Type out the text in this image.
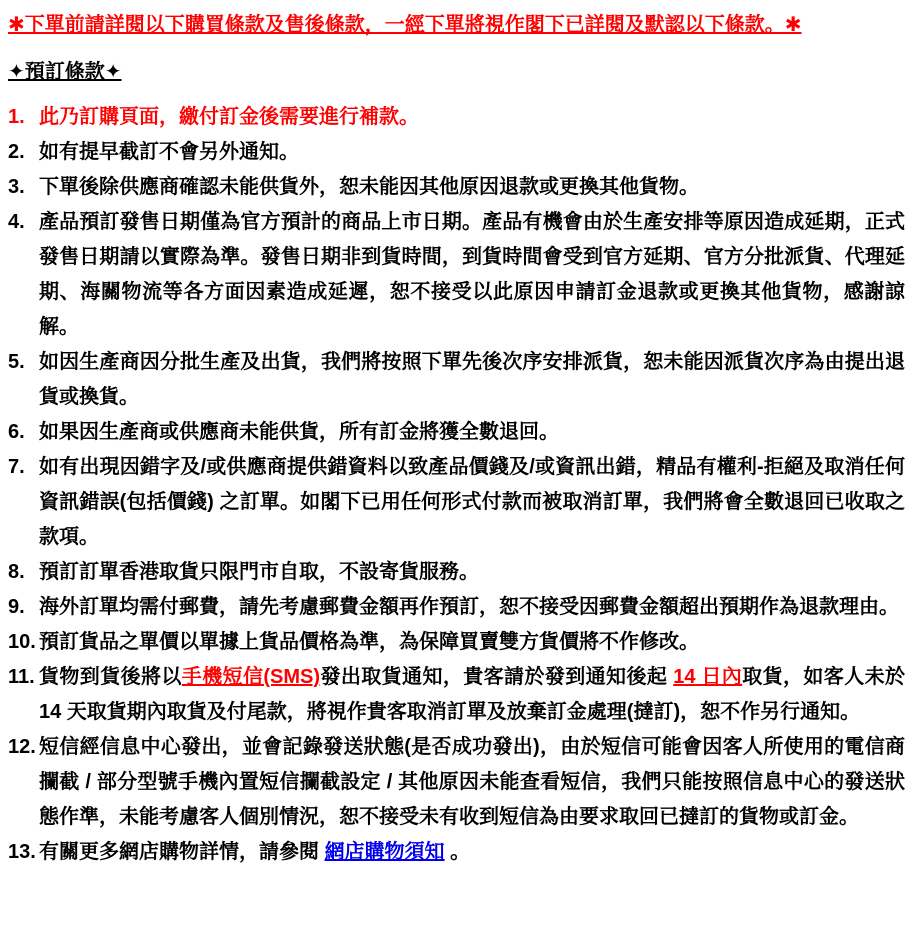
✱下單前請詳閱以下購買條款及售後條款，一經下單將視作閣下已詳閱及默認以下條款。✱
✦預訂條款✦
1. 此乃訂購頁面，繳付訂金後需要進行補款。
2. 如有提早截訂不會另外通知。
3. 下單後除供應商確認未能供貨外，恕未能因其他原因退款或更換其他貨物。
4. 產品預訂發售日期僅為官方預計的商品上市日期。產品有機會由於生產安排等原因造成延期，正式發售日期請以實際為準。發售日期非到貨時間，到貨時間會受到官方延期、官方分批派貨、代理延期、海關物流等各方面因素造成延遲，恕不接受以此原因申請訂金退款或更換其他貨物，感謝諒解。
5. 如因生產商因分批生產及出貨，我們將按照下單先後次序安排派貨，恕未能因派貨次序為由提出退貨或換貨。
6. 如果因生產商或供應商未能供貨，所有訂金將獲全數退回。
7. 如有出現因錯字及/或供應商提供錯資料以致產品價錢及/或資訊出錯，精品有權利-拒絕及取消任何資訊錯誤(包括價錢) 之訂單。如閣下已用任何形式付款而被取消訂單，我們將會全數退回已收取之款項。
8. 預訂訂單香港取貨只限門市自取，不設寄貨服務。
9. 海外訂單均需付郵費，請先考慮郵費金額再作預訂，恕不接受因郵費金額超出預期作為退款理由。
10. 預訂貨品之單價以單據上貨品價格為準，為保障買賣雙方貨價將不作修改。
11. 貨物到貨後將以手機短信(SMS)發出取貨通知，貴客請於發到通知後起 14 日內取貨，如客人未於 14 天取貨期內取貨及付尾款，將視作貴客取消訂單及放棄訂金處理(撻訂)，恕不作另行通知。
12. 短信經信息中心發出，並會記錄發送狀態(是否成功發出)，由於短信可能會因客人所使用的電信商攔截 / 部分型號手機內置短信攔截設定 / 其他原因未能查看短信，我們只能按照信息中心的發送狀態作準，未能考慮客人個別情況，恕不接受未有收到短信為由要求取回已撻訂的貨物或訂金。
13. 有關更多網店購物詳情，請參閱 網店購物須知 。
